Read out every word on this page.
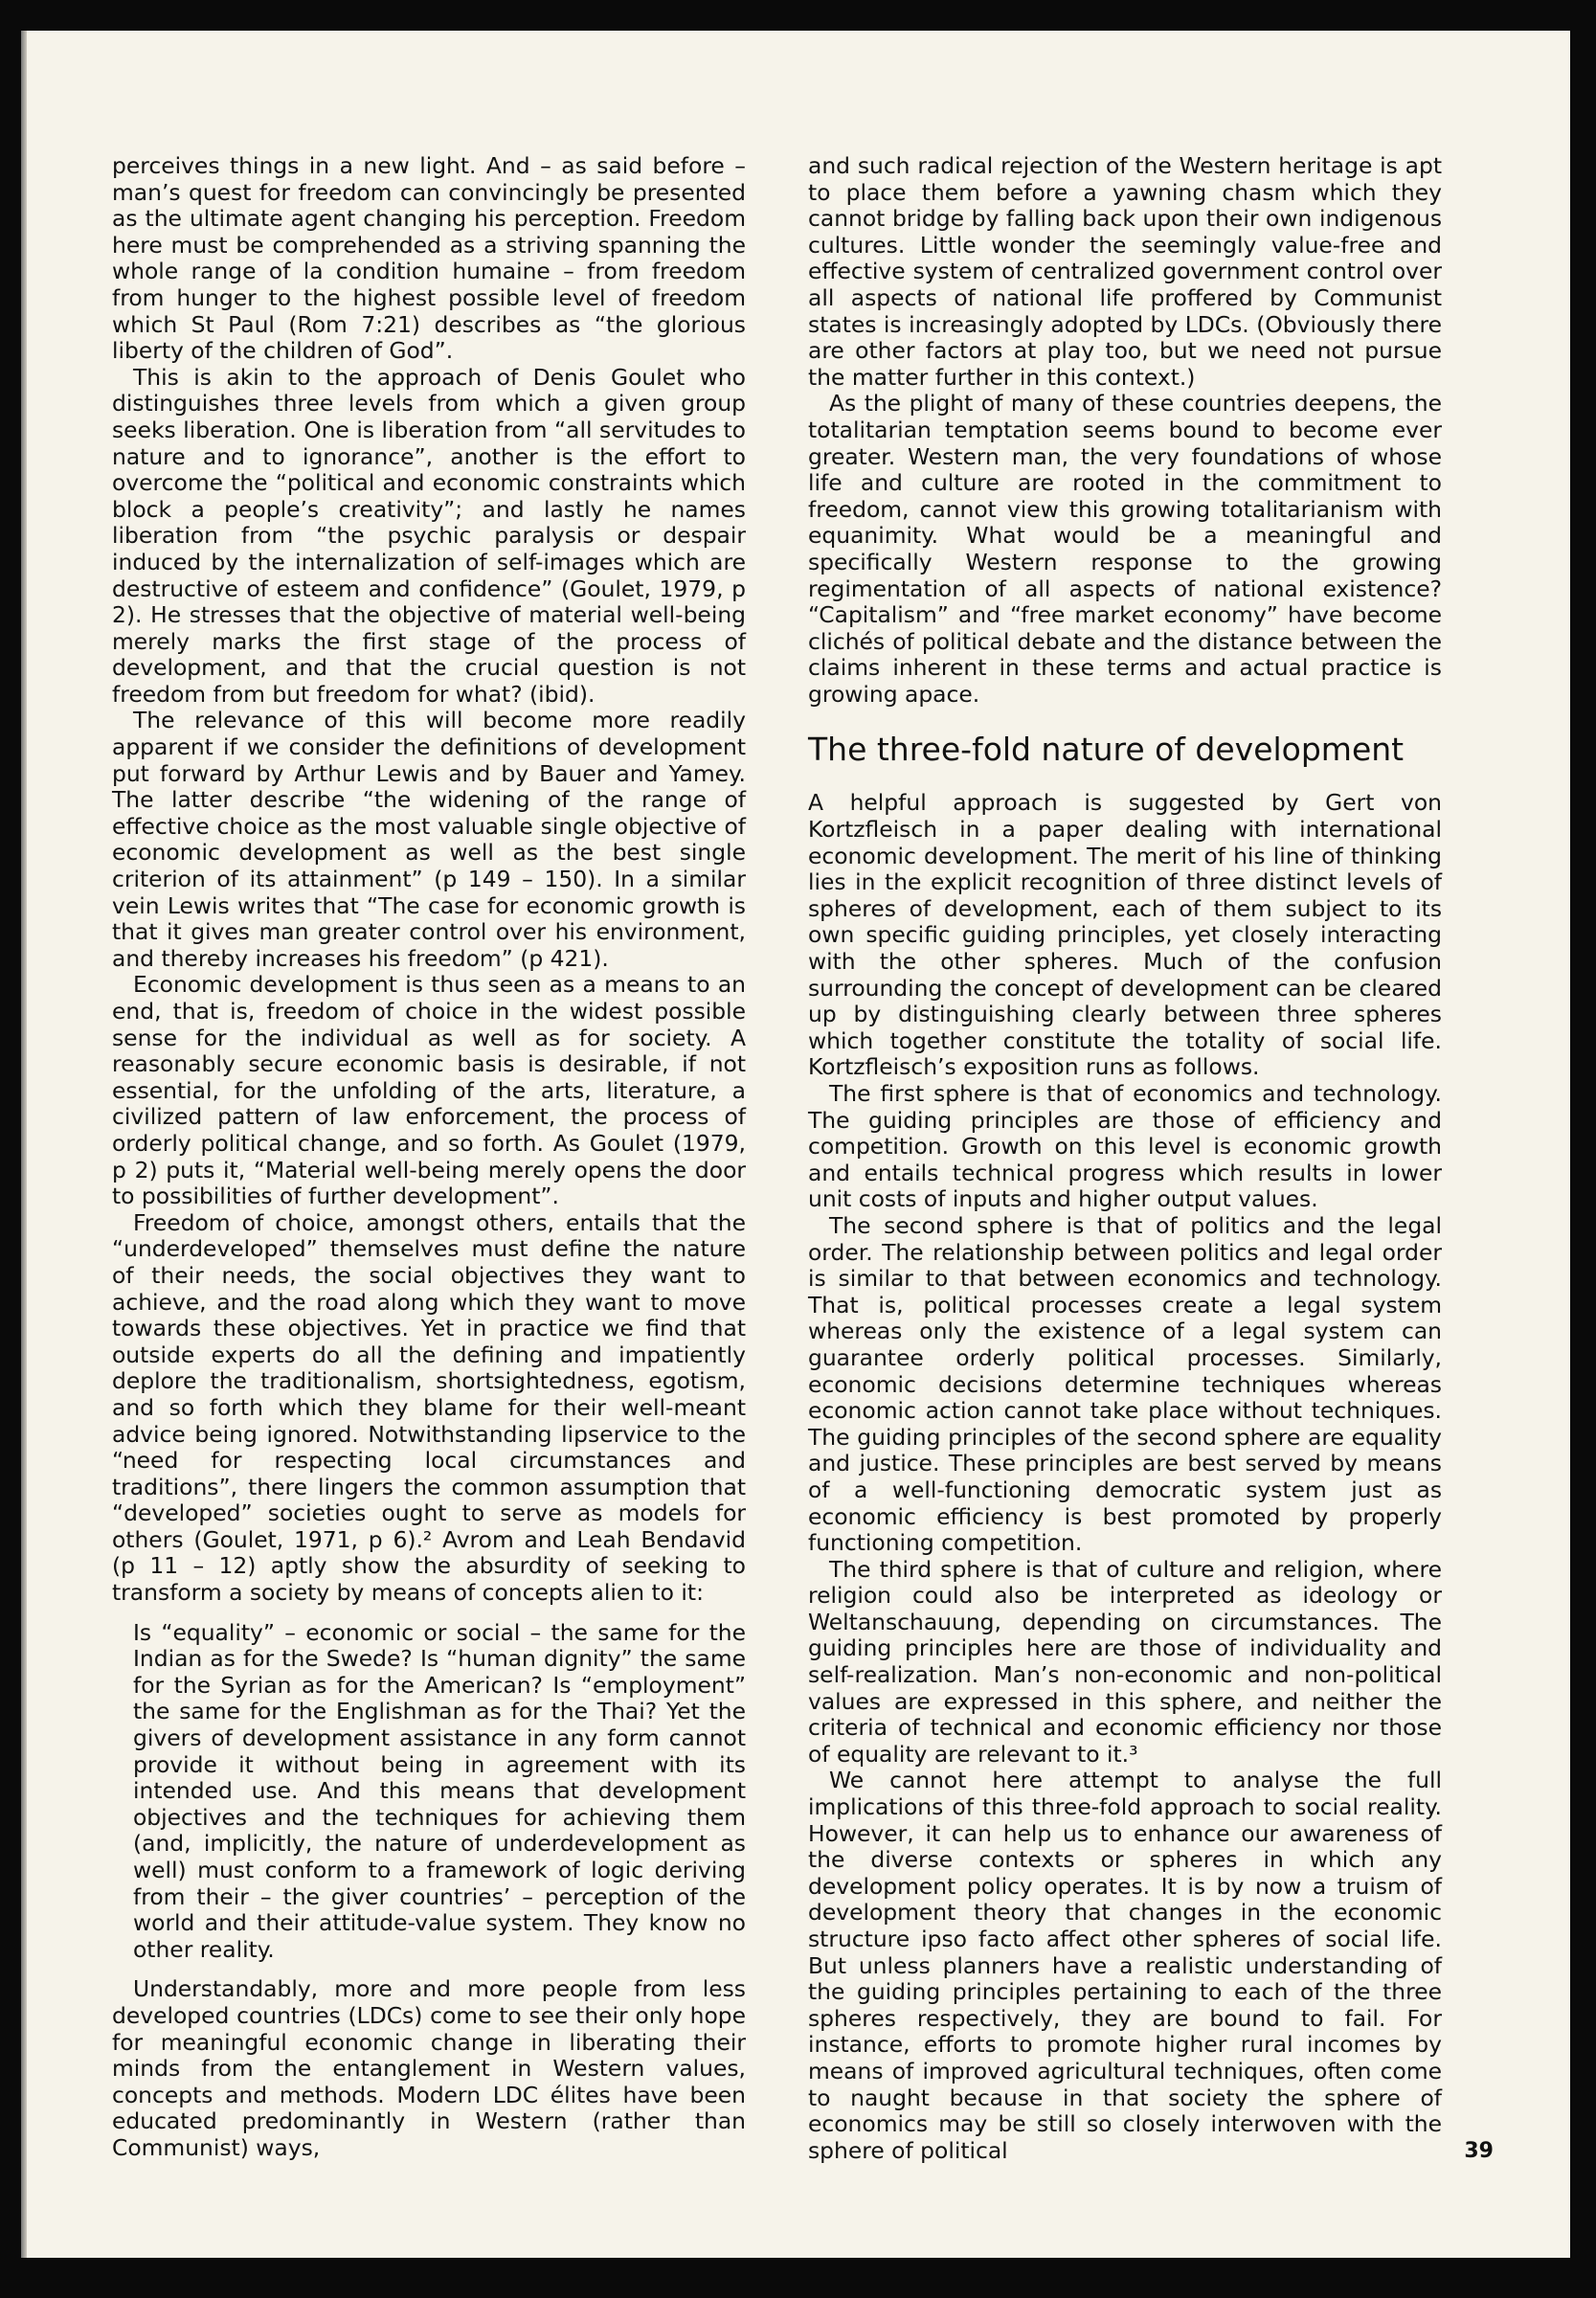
perceives things in a new light. And – as said before – man’s quest for freedom can convincingly be presented as the ultimate agent changing his perception. Freedom here must be comprehended as a striving spanning the whole range of la condition humaine – from freedom from hunger to the highest possible level of freedom which St Paul (Rom 7:21) describes as “the glorious liberty of the children of God”.

This is akin to the approach of Denis Goulet who distinguishes three levels from which a given group seeks liberation. One is liberation from “all servitudes to nature and to ignorance”, another is the effort to overcome the “political and economic constraints which block a people’s creativity”; and lastly he names liberation from “the psychic paralysis or despair induced by the internalization of self-images which are destructive of esteem and confidence” (Goulet, 1979, p 2). He stresses that the objective of material well-being merely marks the first stage of the process of development, and that the crucial question is not freedom from but freedom for what? (ibid).

The relevance of this will become more readily apparent if we consider the definitions of development put forward by Arthur Lewis and by Bauer and Yamey. The latter describe “the widening of the range of effective choice as the most valuable single objective of economic development as well as the best single criterion of its attainment” (p 149 – 150). In a similar vein Lewis writes that “The case for economic growth is that it gives man greater control over his environment, and thereby increases his freedom” (p 421).

Economic development is thus seen as a means to an end, that is, freedom of choice in the widest possible sense for the individual as well as for society. A reasonably secure economic basis is desirable, if not essential, for the unfolding of the arts, literature, a civilized pattern of law enforcement, the process of orderly political change, and so forth. As Goulet (1979, p 2) puts it, “Material well-being merely opens the door to possibilities of further development”.

Freedom of choice, amongst others, entails that the “underdeveloped” themselves must define the nature of their needs, the social objectives they want to achieve, and the road along which they want to move towards these objectives. Yet in practice we find that outside experts do all the defining and impatiently deplore the traditionalism, shortsightedness, egotism, and so forth which they blame for their well-meant advice being ignored. Notwithstanding lipservice to the “need for respecting local circumstances and traditions”, there lingers the common assumption that “developed” societies ought to serve as models for others (Goulet, 1971, p 6).² Avrom and Leah Bendavid (p 11 – 12) aptly show the absurdity of seeking to transform a society by means of concepts alien to it:

Is “equality” – economic or social – the same for the Indian as for the Swede? Is “human dignity” the same for the Syrian as for the American? Is “employment” the same for the Englishman as for the Thai? Yet the givers of development assistance in any form cannot provide it without being in agreement with its intended use. And this means that development objectives and the techniques for achieving them (and, implicitly, the nature of underdevelopment as well) must conform to a framework of logic deriving from their – the giver countries’ – perception of the world and their attitude-value system. They know no other reality.

Understandably, more and more people from less developed countries (LDCs) come to see their only hope for meaningful economic change in liberating their minds from the entanglement in Western values, concepts and methods. Modern LDC élites have been educated predominantly in Western (rather than Communist) ways,

and such radical rejection of the Western heritage is apt to place them before a yawning chasm which they cannot bridge by falling back upon their own indigenous cultures. Little wonder the seemingly value-free and effective system of centralized government control over all aspects of national life proffered by Communist states is increasingly adopted by LDCs. (Obviously there are other factors at play too, but we need not pursue the matter further in this context.)

As the plight of many of these countries deepens, the totalitarian temptation seems bound to become ever greater. Western man, the very foundations of whose life and culture are rooted in the commitment to freedom, cannot view this growing totalitarianism with equanimity. What would be a meaningful and specifically Western response to the growing regimentation of all aspects of national existence? “Capitalism” and “free market economy” have become clichés of political debate and the distance between the claims inherent in these terms and actual practice is growing apace.

The three-fold nature of development

A helpful approach is suggested by Gert von Kortzfleisch in a paper dealing with international economic development. The merit of his line of thinking lies in the explicit recognition of three distinct levels of spheres of development, each of them subject to its own specific guiding principles, yet closely interacting with the other spheres. Much of the confusion surrounding the concept of development can be cleared up by distinguishing clearly between three spheres which together constitute the totality of social life. Kortzfleisch’s exposition runs as follows.

The first sphere is that of economics and technology. The guiding principles are those of efficiency and competition. Growth on this level is economic growth and entails technical progress which results in lower unit costs of inputs and higher output values.

The second sphere is that of politics and the legal order. The relationship between politics and legal order is similar to that between economics and technology. That is, political processes create a legal system whereas only the existence of a legal system can guarantee orderly political processes. Similarly, economic decisions determine techniques whereas economic action cannot take place without techniques. The guiding principles of the second sphere are equality and justice. These principles are best served by means of a well-functioning democratic system just as economic efficiency is best promoted by properly functioning competition.

The third sphere is that of culture and religion, where religion could also be interpreted as ideology or Weltanschauung, depending on circumstances. The guiding principles here are those of individuality and self-realization. Man’s non-economic and non-political values are expressed in this sphere, and neither the criteria of technical and economic efficiency nor those of equality are relevant to it.³

We cannot here attempt to analyse the full implications of this three-fold approach to social reality. However, it can help us to enhance our awareness of the diverse contexts or spheres in which any development policy operates. It is by now a truism of development theory that changes in the economic structure ipso facto affect other spheres of social life. But unless planners have a realistic understanding of the guiding principles pertaining to each of the three spheres respectively, they are bound to fail. For instance, efforts to promote higher rural incomes by means of improved agricultural techniques, often come to naught because in that society the sphere of economics may be still so closely interwoven with the sphere of political	39
